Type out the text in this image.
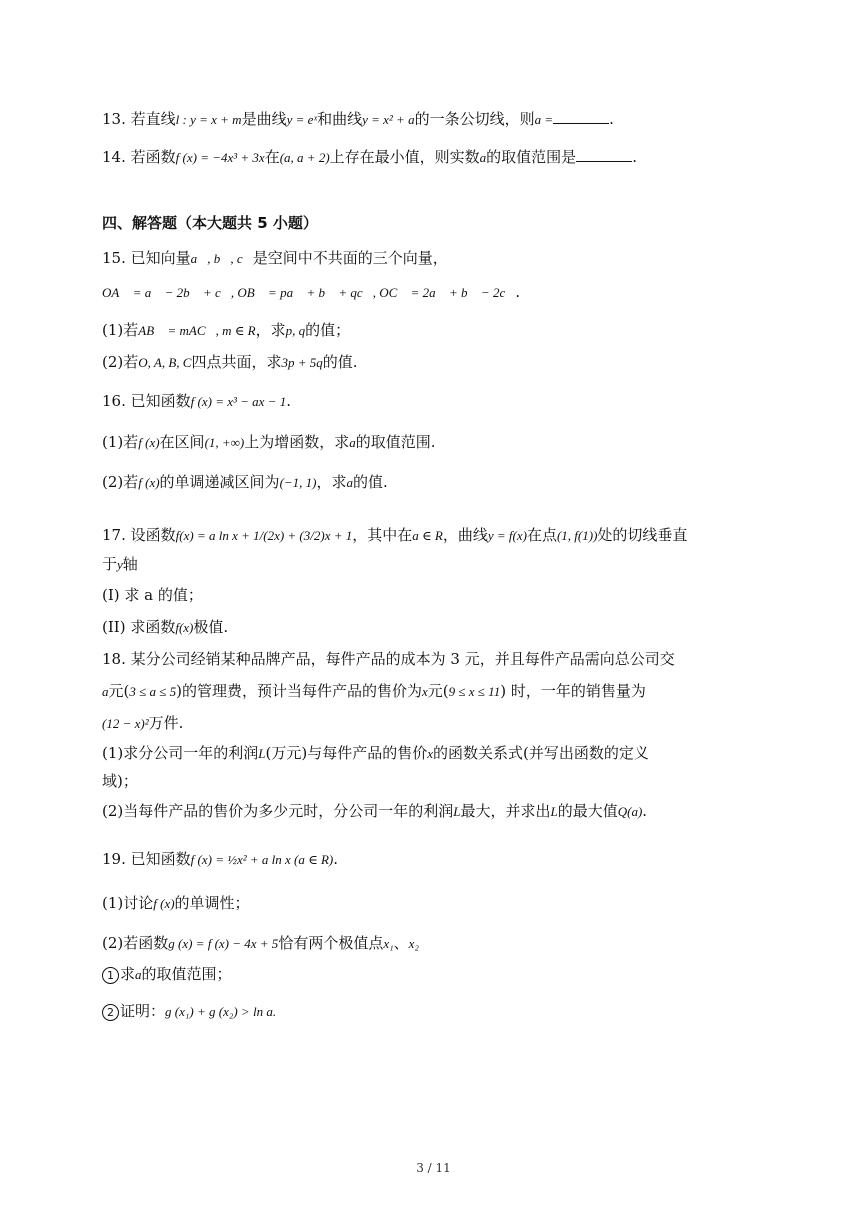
13. 若直线l : y = x + m是曲线y = eˣ和曲线y = x² + a的一条公切线，则a =	.
14. 若函数f (x) = −4x³ + 3x在(a, a + 2)上存在最小值，则实数a的取值范围是	.
四、解答题（本大题共 5 小题）
15. 已知向量a⃗, b⃗, c⃗是空间中不共面的三个向量，
OA⃗ = a⃗ − 2b⃗ + c⃗, OB⃗ = pa⃗ + b⃗ + qc⃗, OC⃗ = 2a⃗ + b⃗ − 2c⃗.
(1)若AB⃗ = mAC⃗, m ∈ R，求p, q的值；
(2)若O, A, B, C四点共面，求3p + 5q的值.
16. 已知函数f (x) = x³ − ax − 1.
(1)若f (x)在区间(1, +∞)上为增函数，求a的取值范围.
(2)若f (x)的单调递减区间为(−1, 1)，求a的值.
17. 设函数f(x) = a ln x + 1/(2x) + (3/2)x + 1，其中在a ∈ R，曲线y = f(x)在点(1, f(1))处的切线垂直
于y轴
(I) 求 a 的值；
(II) 求函数f(x)极值.
18. 某分公司经销某种品牌产品，每件产品的成本为 3 元，并且每件产品需向总公司交
a元(3 ≤ a ≤ 5)的管理费，预计当每件产品的售价为x元(9 ≤ x ≤ 11) 时，一年的销售量为
(12 − x)²万件.
(1)求分公司一年的利润L(万元)与每件产品的售价x的函数关系式(并写出函数的定义
域)；
(2)当每件产品的售价为多少元时，分公司一年的利润L最大，并求出L的最大值Q(a).
19. 已知函数f (x) = ½x² + a ln x (a ∈ R).
(1)讨论f (x)的单调性；
(2)若函数g (x) = f (x) − 4x + 5恰有两个极值点x₁、x₂
1 求a的取值范围；
2 证明：g (x₁) + g (x₂) > ln a.
3 / 11
